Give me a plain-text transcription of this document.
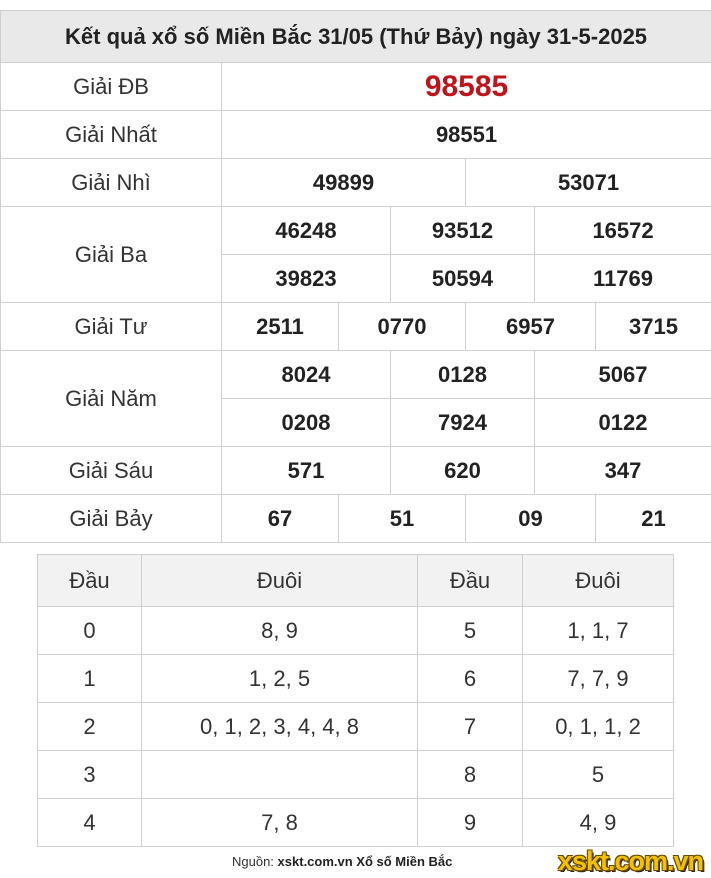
Kết quả xổ số Miền Bắc 31/05 (Thứ Bảy) ngày 31-5-2025						
Giải ĐB	98585					
Giải Nhất	98551					
Giải Nhì	49899			53071		
Giải Ba	46248		93512		16572	
	39823		50594		11769	
Giải Tư	2511	0770		6957		3715
Giải Năm	8024		0128		5067	
	0208		7924		0122	
Giải Sáu	571		620		347	
Giải Bảy	67	51		09		21
Đầu	Đuôi	Đầu	Đuôi
0	8, 9	5	1, 1, 7
1	1, 2, 5	6	7, 7, 9
2	0, 1, 2, 3, 4, 4, 8	7	0, 1, 1, 2
3		8	5
4	7, 8	9	4, 9
Nguồn: xskt.com.vn Xổ số Miền Bắc	xskt.com.vn
